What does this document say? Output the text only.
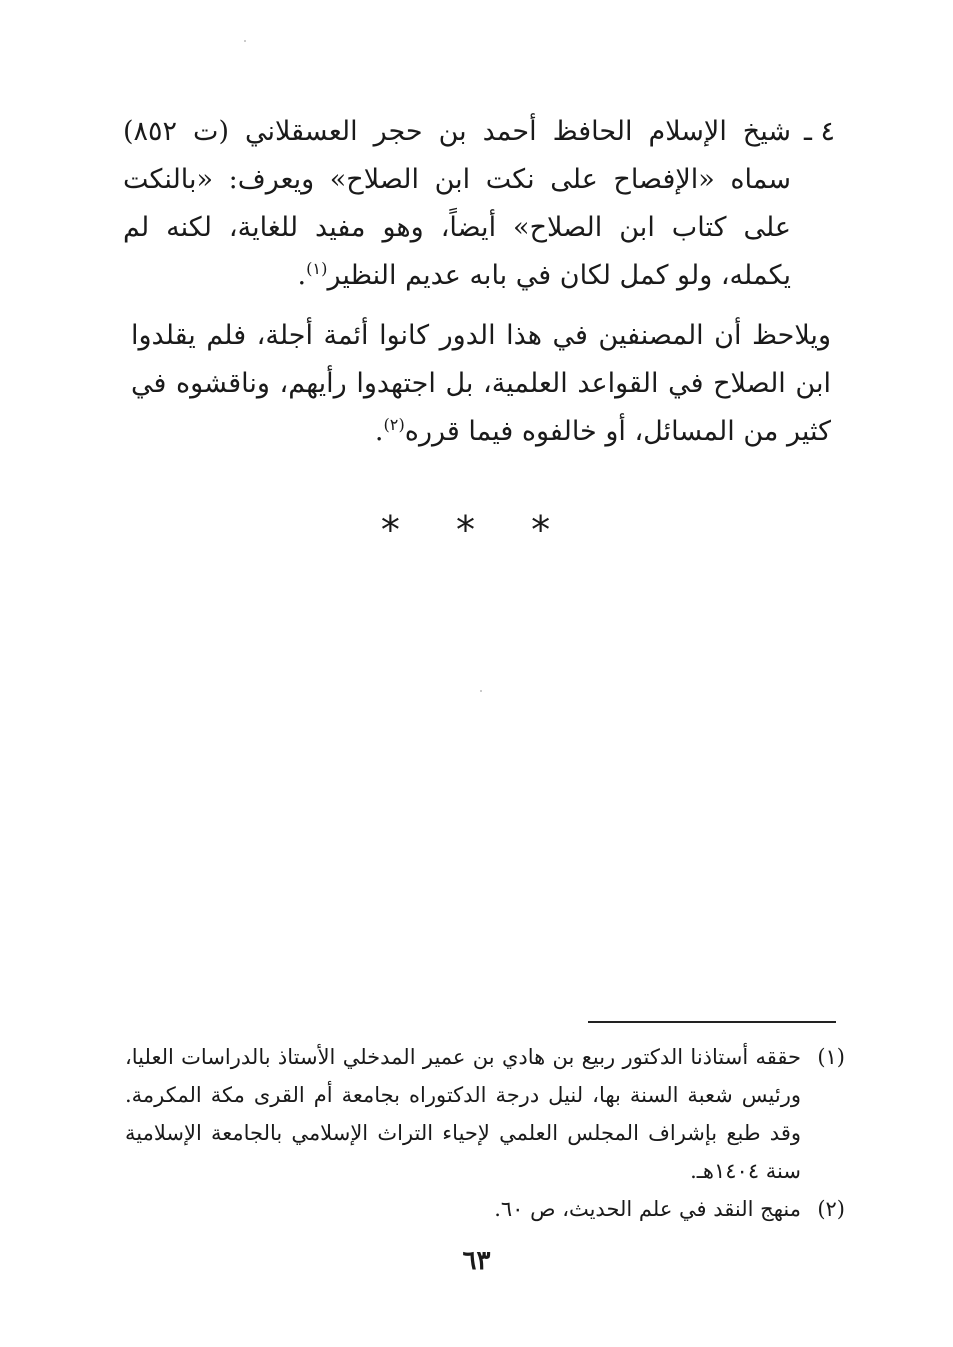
٤ ـ
شيخ الإسلام الحافظ أحمد بن حجر العسقلاني (ت ٨٥٢) سماه «الإفصاح على نكت ابن الصلاح» ويعرف: «بالنكت على كتاب ابن الصلاح» أيضاً، وهو مفيد للغاية، لكنه لم يكمله، ولو كمل لكان في بابه عديم النظير$^{(١)}$.
ويلاحظ أن المصنفين في هذا الدور كانوا أئمة أجلة، فلم يقلدوا ابن الصلاح في القواعد العلمية، بل اجتهدوا رأيهم، وناقشوه في كثير من المسائل، أو خالفوه فيما قرره$^{(٢)}$.
* * *
(١)
حققه أستاذنا الدكتور ربيع بن هادي بن عمير المدخلي الأستاذ بالدراسات العليا، ورئيس شعبة السنة بها، لنيل درجة الدكتوراه بجامعة أم القرى مكة المكرمة. وقد طبع بإشراف المجلس العلمي لإحياء التراث الإسلامي بالجامعة الإسلامية سنة ١٤٠٤هـ.
(٢)
منهج النقد في علم الحديث، ص ٦٠.
٦٣
